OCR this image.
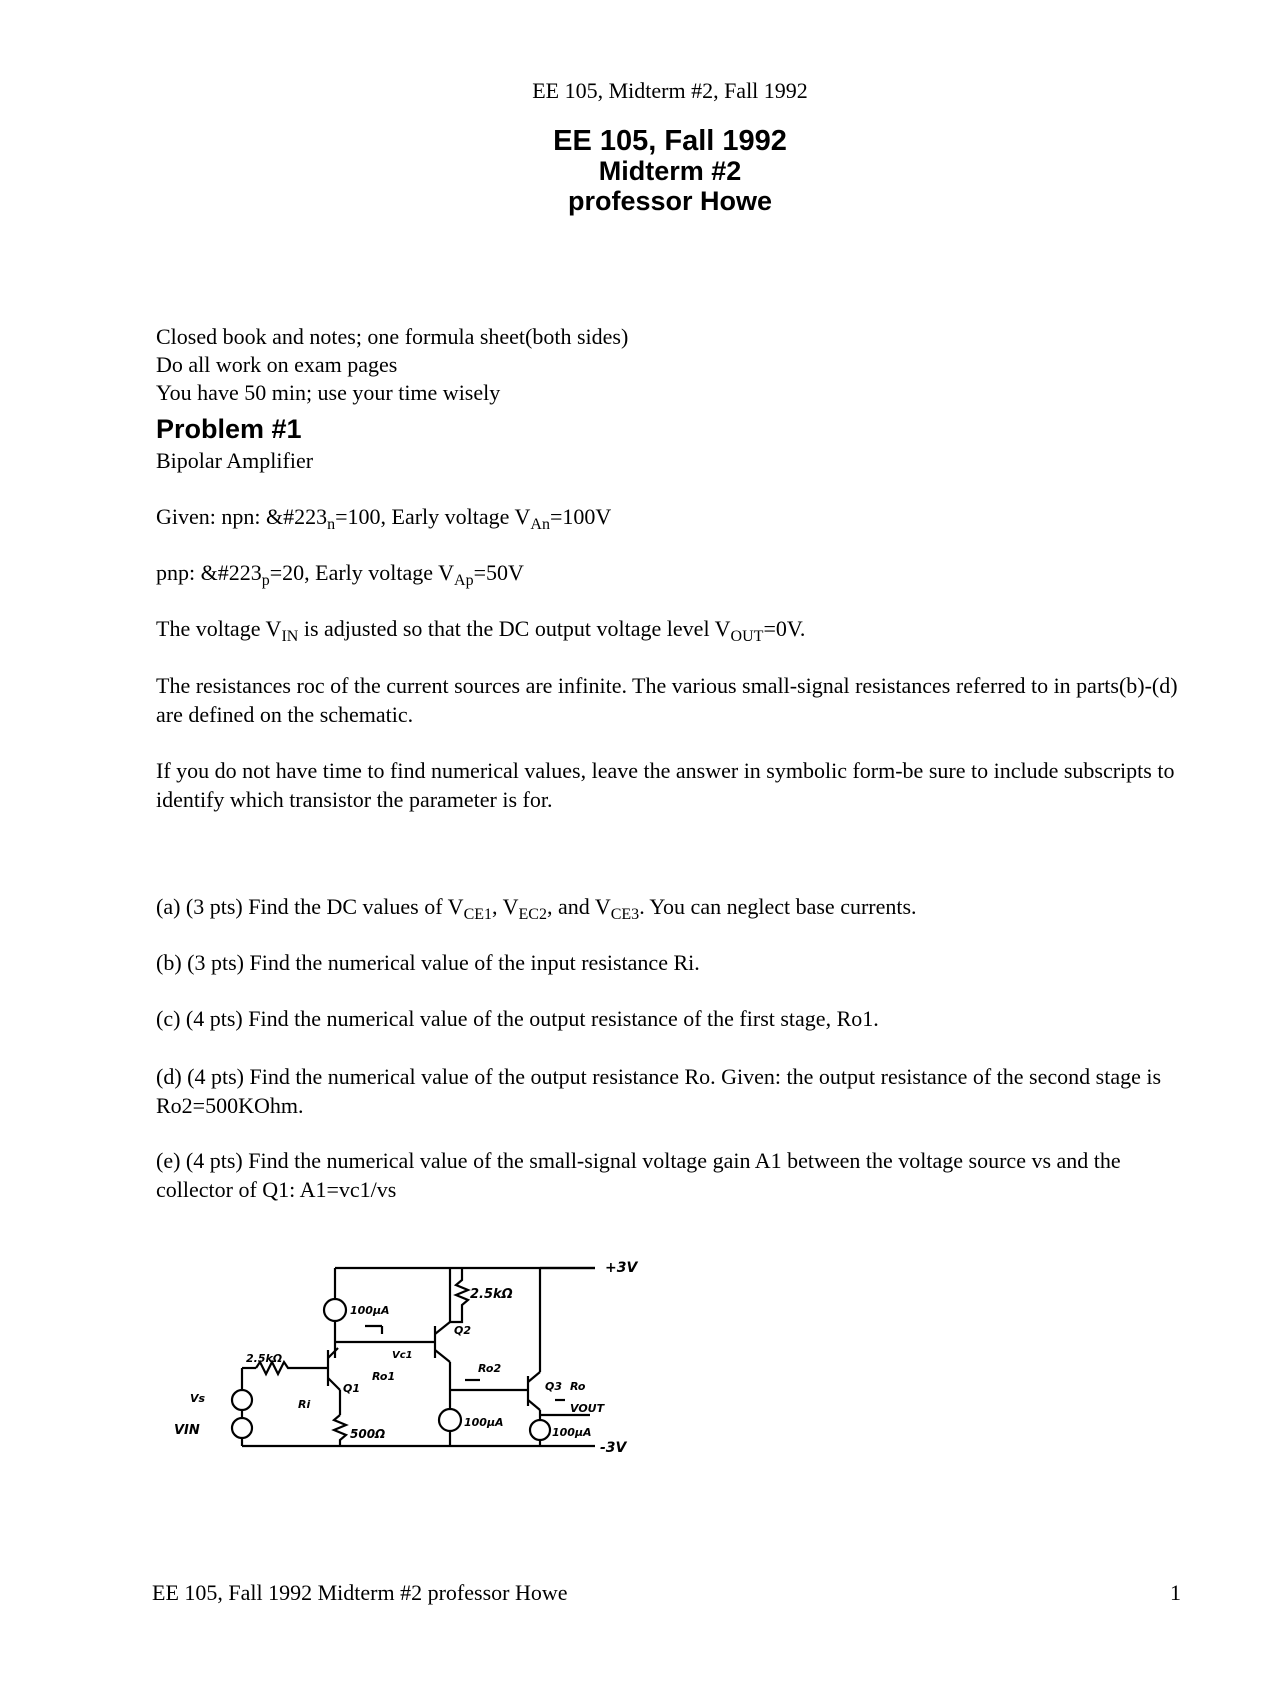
EE 105, Midterm #2, Fall 1992
EE 105, Fall 1992
Midterm #2
professor Howe
Closed book and notes; one formula sheet(both sides)
Do all work on exam pages
You have 50 min; use your time wisely
Problem #1
Bipolar Amplifier
Given: npn: $\&\#223_n=100$, Early voltage $V_{An}=100V$
pnp: $\&\#223_p=20$, Early voltage $V_{Ap}=50V$
The voltage $V_{IN}$ is adjusted so that the DC output voltage level $V_{OUT}=0V$.
The resistances roc of the current sources are infinite. The various small-signal resistances referred to in parts(b)-(d) are defined on the schematic.
If you do not have time to find numerical values, leave the answer in symbolic form-be sure to include subscripts to identify which transistor the parameter is for.
(a) (3 pts) Find the DC values of $V_{CE1}$, $V_{EC2}$, and $V_{CE3}$. You can neglect base currents.
(b) (3 pts) Find the numerical value of the input resistance Ri.
(c) (4 pts) Find the numerical value of the output resistance of the first stage, Ro1.
(d) (4 pts) Find the numerical value of the output resistance Ro. Given: the output resistance of the second stage is Ro2=500KOhm.
(e) (4 pts) Find the numerical value of the small-signal voltage gain A1 between the voltage source vs and the collector of Q1: A1=vc1/vs
+3V
-3V
2.5kΩ
2.5kΩ
500Ω
100μA
100μA
100μA
Q1
Q2
Q3
Ro1
Ro2
Ro
Ri
Vc1
Vs
VIN
VOUT
EE 105, Fall 1992 Midterm #2 professor Howe	1
